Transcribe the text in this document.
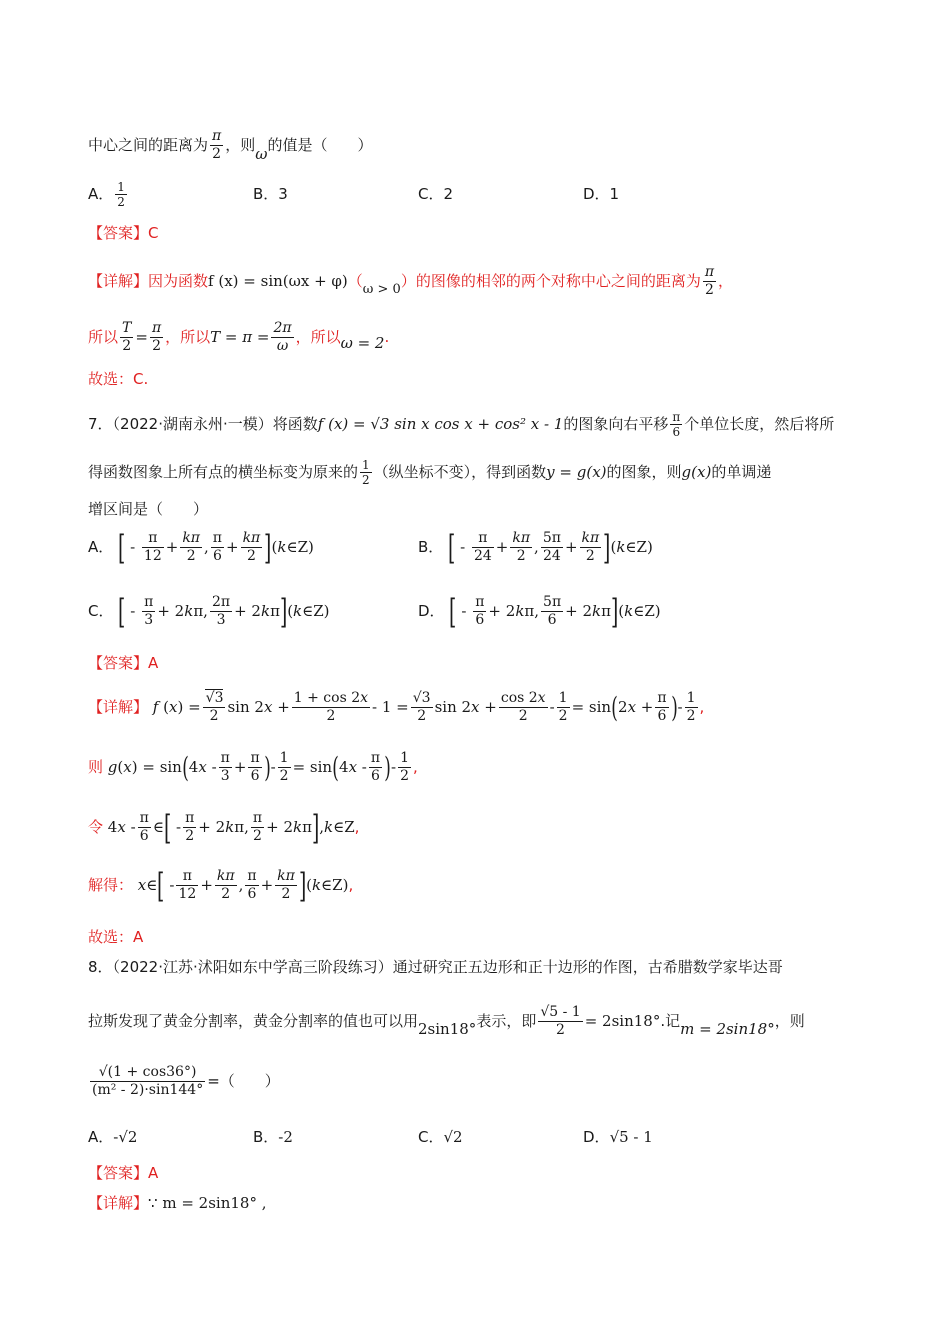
中心之间的距离为 $\frac{\pi}{2}$ ，则ω的值是（　　）
A． $\frac{1}{2}$	B．3	C．2	D．1
【答案】C
【详解】因为函数f (x) = sin(ωx + φ)（ω > 0）的图像的相邻的两个对称中心之间的距离为 $\frac{\pi}{2}$ ，
所以 $\frac{T}{2} = \frac{\pi}{2}$ ，所以$T = \pi = \frac{2\pi}{\omega}$ ，所以ω = 2.
故选：C.
7．（2022·湖南永州·一模）将函数f (x) = √3 sin x cos x + cos² x - 1的图象向右平移 $\frac{\pi}{6}$ 个单位长度，然后将所
得函数图象上所有点的横坐标变为原来的 $\frac{1}{2}$ （纵坐标不变），得到函数y = g(x)的图象，则g(x)的单调递
增区间是（　　）
A． [ - $\frac{\pi}{12} + \frac{k\pi}{2}$ , $\frac{\pi}{6} + \frac{k\pi}{2}$ ](k∈Z)	B． [ - $\frac{\pi}{24} + \frac{k\pi}{2}$ , $\frac{5\pi}{24} + \frac{k\pi}{2}$ ](k∈Z)
C． [ - $\frac{\pi}{3} + 2k\pi$, $\frac{2\pi}{3}$ + 2kπ](k∈Z)	D． [ - $\frac{\pi}{6} + 2k\pi$, $\frac{5\pi}{6}$ + 2kπ](k∈Z)
【答案】A
【详解】 f $(x) = \frac{√3}{2}$ $\sin 2x + \frac{1 + \cos 2x}{2} - 1 = \frac{√3}{2}$ $\sin 2x + \frac{\cos 2x}{2} - \frac{1}{2} = \sin(2x + \frac{\pi}{6}$ )- $\frac{1}{2}$ ,
则 $g(x) = \sin(4x - \frac{\pi}{3} + \frac{\pi}{6}$ )- $\frac{1}{2} = \sin(4x - \frac{\pi}{6}$ )- $\frac{1}{2}$ ,
令 $4x - \frac{\pi}{6}$ ∈[ - $\frac{\pi}{2} + 2k\pi$, $\frac{\pi}{2}$ + 2kπ],k∈Z,
解得： x∈[ - $\frac{\pi}{12} + \frac{k\pi}{2}$ , $\frac{\pi}{6} + \frac{k\pi}{2}$ ](k∈Z),
故选：A
8．（2022·江苏·沭阳如东中学高三阶段练习）通过研究正五边形和正十边形的作图，古希腊数学家毕达哥
拉斯发现了黄金分割率，黄金分割率的值也可以用2sin18°表示，即 $\frac{√5 - 1}{2} = 2\sin 18^\circ$.记m = 2sin18°，则
$\frac{√(1 + \cos 36^\circ)}{\text{(m² - 2)·sin144°}}$ =（　　）
A．-√2	B．-2	C．√2	D．√5 - 1
【答案】A
【详解】∵ m = 2sin18° ,
